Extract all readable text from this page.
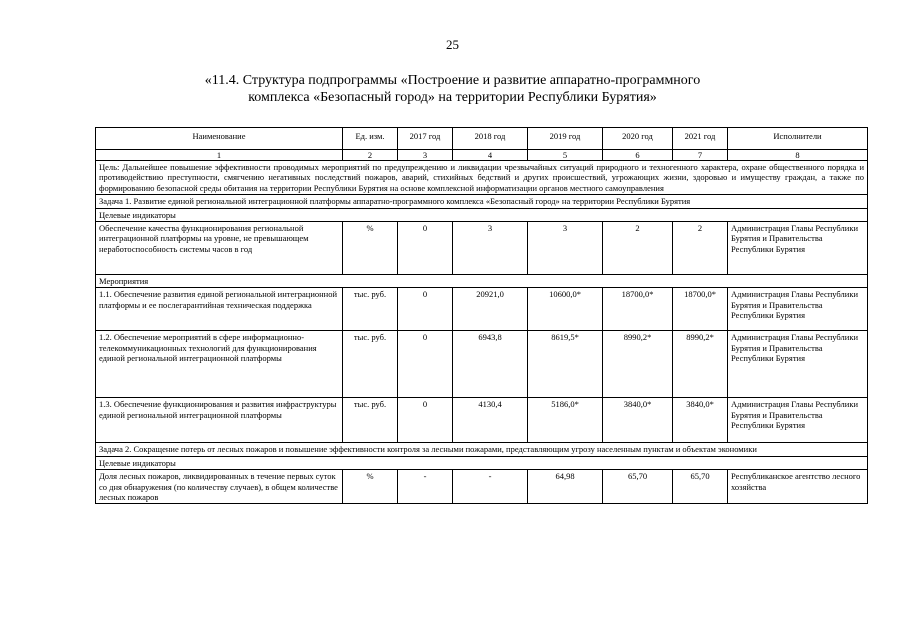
25
«11.4. Структура подпрограммы «Построение и развитие аппаратно-программного
комплекса «Безопасный город» на территории Республики Бурятия»
Наименование	Ед. изм.	2017 год	2018 год	2019 год	2020 год	2021 год	Исполнители
1	2	3	4	5	6	7	8
Цель: Дальнейшее повышение эффективности проводимых мероприятий по предупреждению и ликвидации чрезвычайных ситуаций природного и техногенного характера, охране общественного порядка и противодействию преступности, смягчению негативных последствий пожаров, аварий, стихийных бедствий и других происшествий, угрожающих жизни, здоровью и имуществу граждан, а также по формированию безопасной среды обитания на территории Республики Бурятия на основе комплексной информатизации органов местного самоуправления							
Задача 1. Развитие единой региональной интеграционной платформы аппаратно-программного комплекса «Безопасный город» на территории Республики Бурятия							
Целевые индикаторы							
Обеспечение качества функционирования региональной интеграционной платформы на уровне, не превышающем неработоспособность системы часов в год	%	0	3	3	2	2	Администрация Главы Республики Бурятия и Правительства Республики Бурятия
Мероприятия							
1.1. Обеспечение развития единой региональной интеграционной платформы и ее послегарантийная техническая поддержка	тыс. руб.	0	20921,0	10600,0*	18700,0*	18700,0*	Администрация Главы Республики Бурятия и Правительства Республики Бурятия
1.2. Обеспечение мероприятий в сфере информационно-телекоммуникационных технологий для функционирования единой региональной интеграционной платформы	тыс. руб.	0	6943,8	8619,5*	8990,2*	8990,2*	Администрация Главы Республики Бурятия и Правительства Республики Бурятия
1.3. Обеспечение функционирования и развития инфраструктуры единой региональной интеграционной платформы	тыс. руб.	0	4130,4	5186,0*	3840,0*	3840,0*	Администрация Главы Республики Бурятия и Правительства Республики Бурятия
Задача 2. Сокращение потерь от лесных пожаров и повышение эффективности контроля за лесными пожарами, представляющим угрозу населенным пунктам и объектам экономики							
Целевые индикаторы							
Доля лесных пожаров, ликвидированных в течение первых суток со дня обнаружения (по количеству случаев), в общем количестве лесных пожаров	%	-	-	64,98	65,70	65,70	Республиканское агентство лесного хозяйства
